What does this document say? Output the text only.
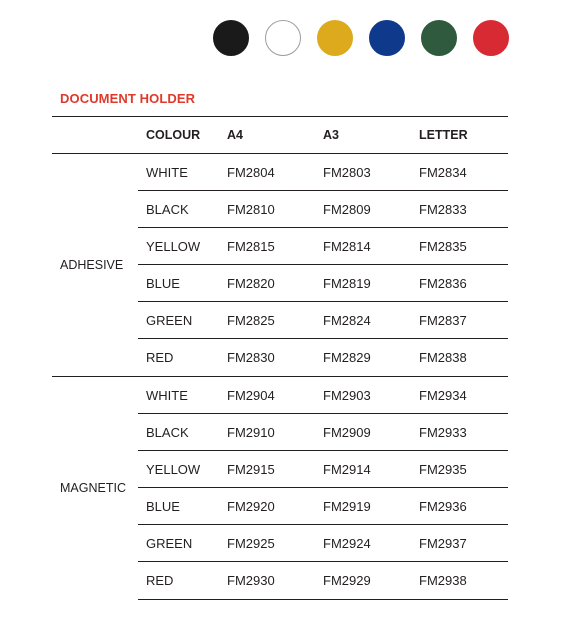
DOCUMENT HOLDER
COLOUR A4	A3	LETTER
ADHESIVE
WHITE	FM2804	FM2803	FM2834
BLACK	FM2810	FM2809	FM2833
YELLOW FM2815	FM2814	FM2835
BLUE	FM2820	FM2819	FM2836
GREEN	FM2825	FM2824	FM2837
RED	FM2830	FM2829	FM2838
MAGNETIC
WHITE	FM2904	FM2903	FM2934
BLACK	FM2910	FM2909	FM2933
YELLOW FM2915	FM2914	FM2935
BLUE	FM2920	FM2919	FM2936
GREEN	FM2925	FM2924	FM2937
RED	FM2930	FM2929	FM2938
